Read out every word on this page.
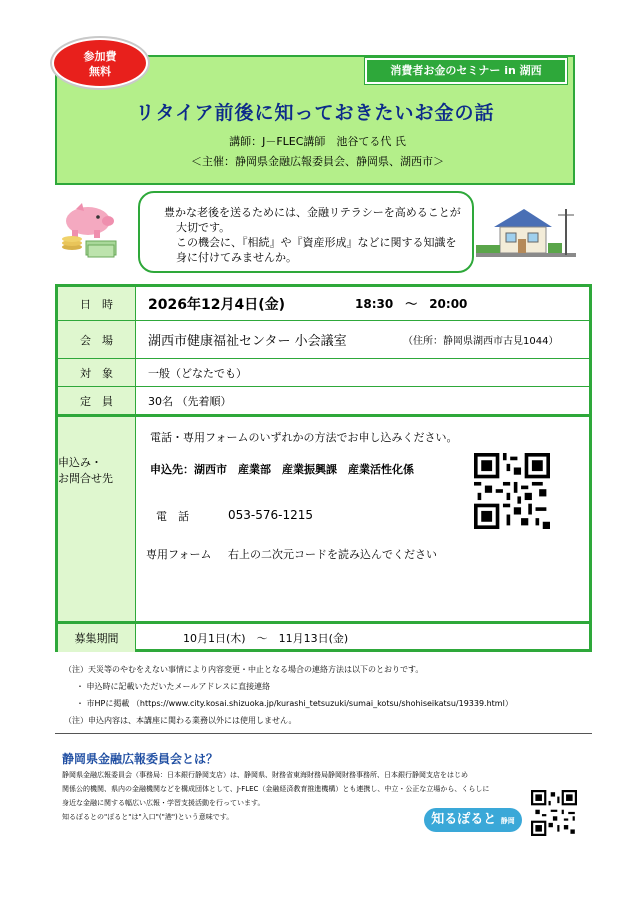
参加費
無料	消費者お金のセミナー in 湖西
リタイア前後に知っておきたいお金の話
講師：J－FLEC講師　池谷てる代 氏
＜主催：静岡県金融広報委員会、静岡県、湖西市＞
豊かな老後を送るためには、金融リテラシーを高めることが
大切です。
この機会に、『相続』や『資産形成』などに関する知識を
身に付けてみませんか。
日　時	2026年12月4日(金)	18:30　～　20:00
会　場	湖西市健康福祉センター 小会議室	（住所：静岡県湖西市古見1044）
対　象	一般（どなたでも）
定　員	30名 （先着順）
申込み・
お問合せ先
電話・専用フォームのいずれかの方法でお申し込みください。
申込先：湖西市　産業部　産業振興課　産業活性化係
電　話	053-576-1215
専用フォーム 右上の二次元コードを読み込んでください
募集期間	10月1日(木)　～　11月13日(金)
（注）天災等のやむをえない事情により内容変更・中止となる場合の連絡方法は以下のとおりです。
・ 申込時に記載いただいたメールアドレスに直接連絡
・ 市HPに掲載 （https://www.city.kosai.shizuoka.jp/kurashi_tetsuzuki/sumai_kotsu/shohiseikatsu/19339.html）
（注）申込内容は、本講座に関わる業務以外には使用しません。
静岡県金融広報委員会とは？
静岡県金融広報委員会（事務局：日本銀行静岡支店）は、静岡県、財務省東海財務局静岡財務事務所、日本銀行静岡支店をはじめ
関係公的機関、県内の金融機関などを構成団体として、J-FLEC（金融経済教育推進機構）とも連携し、中立・公正な立場から、くらしに
身近な金融に関する幅広い広報・学習支援活動を行っています。
知るぽるとの"ぽると"は"入口"("港")という意味です。	知るぽると 静岡
